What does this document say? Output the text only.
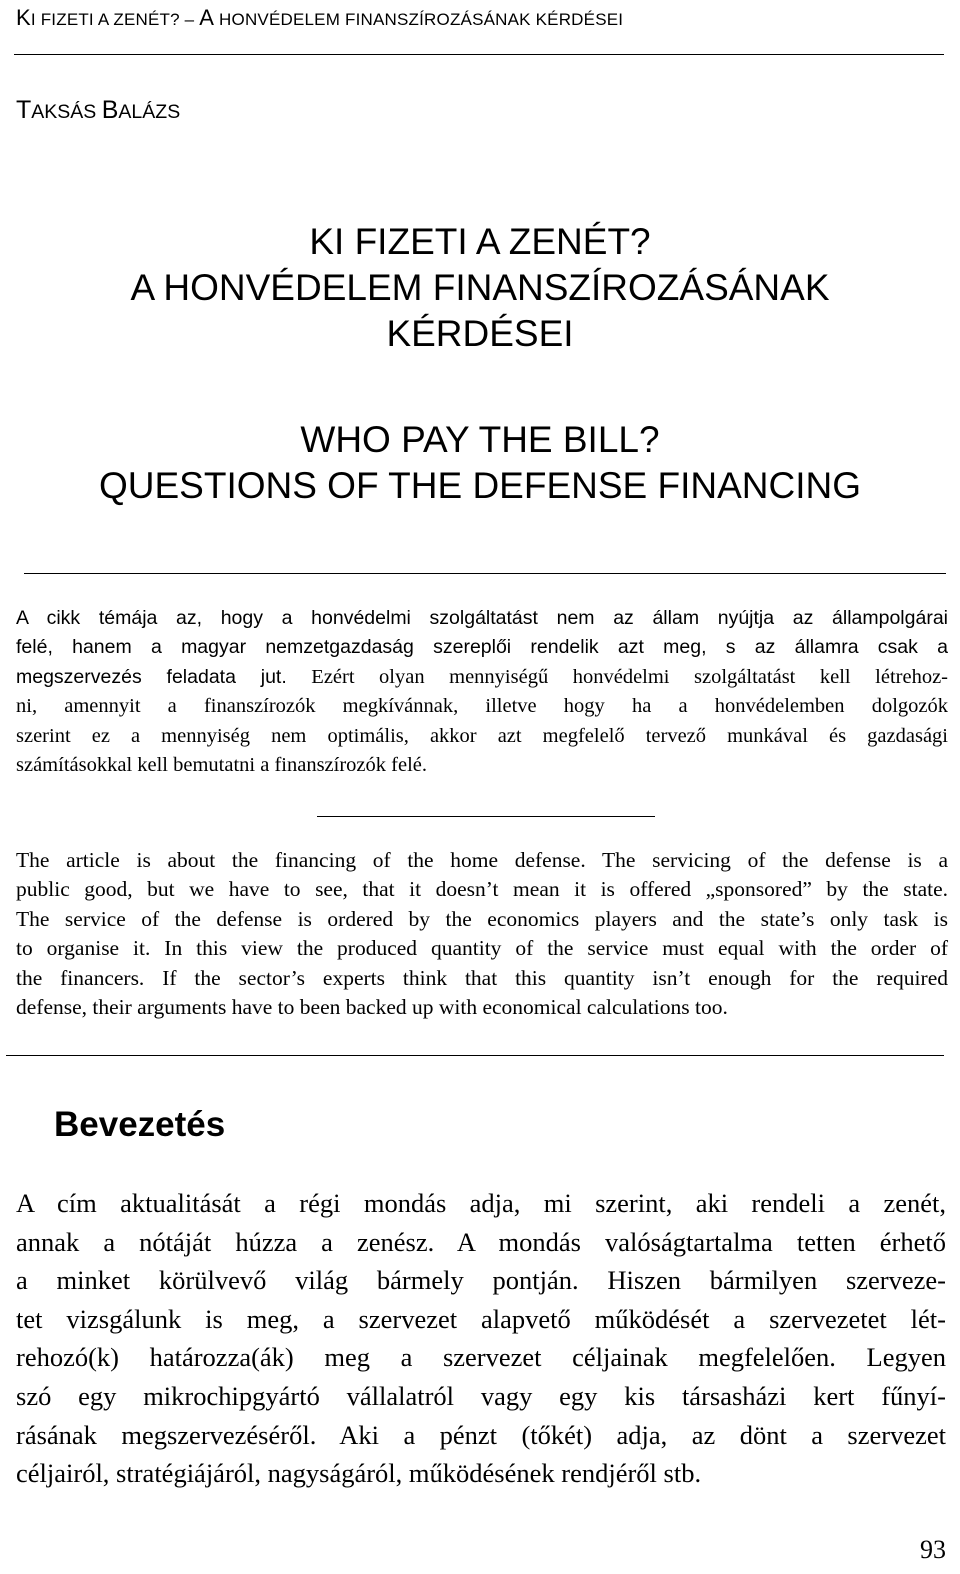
KI FIZETI A ZENÉT? – A HONVÉDELEM FINANSZÍROZÁSÁNAK KÉRDÉSEI
TAKSÁS BALÁZS
KI FIZETI A ZENÉT?
A HONVÉDELEM FINANSZÍROZÁSÁNAK
KÉRDÉSEI
WHO PAY THE BILL?
QUESTIONS OF THE DEFENSE FINANCING
A cikk témája az, hogy a honvédelmi szolgáltatást nem az állam nyújtja az állampolgárai
felé, hanem a magyar nemzetgazdaság szereplői rendelik azt meg, s az államra csak a
megszervezés feladata jut. Ezért olyan mennyiségű honvédelmi szolgáltatást kell létrehoz-
ni, amennyit a finanszírozók megkívánnak, illetve hogy ha a honvédelemben dolgozók
szerint ez a mennyiség nem optimális, akkor azt megfelelő tervező munkával és gazdasági
számításokkal kell bemutatni a finanszírozók felé.
The article is about the financing of the home defense. The servicing of the defense is a
public good, but we have to see, that it doesn’t mean it is offered „sponsored” by the state.
The service of the defense is ordered by the economics players and the state’s only task is
to organise it. In this view the produced quantity of the service must equal with the order of
the financers. If the sector’s experts think that this quantity isn’t enough for the required
defense, their arguments have to been backed up with economical calculations too.
Bevezetés
A cím aktualitását a régi mondás adja, mi szerint, aki rendeli a zenét,
annak a nótáját húzza a zenész. A mondás valóságtartalma tetten érhető
a minket körülvevő világ bármely pontján. Hiszen bármilyen szerveze-
tet vizsgálunk is meg, a szervezet alapvető működését a szervezetet lét-
rehozó(k) határozza(ák) meg a szervezet céljainak megfelelően. Legyen
szó egy mikrochipgyártó vállalatról vagy egy kis társasházi kert fűnyí-
rásának megszervezéséről. Aki a pénzt (tőkét) adja, az dönt a szervezet
céljairól, stratégiájáról, nagyságáról, működésének rendjéről stb.
93
